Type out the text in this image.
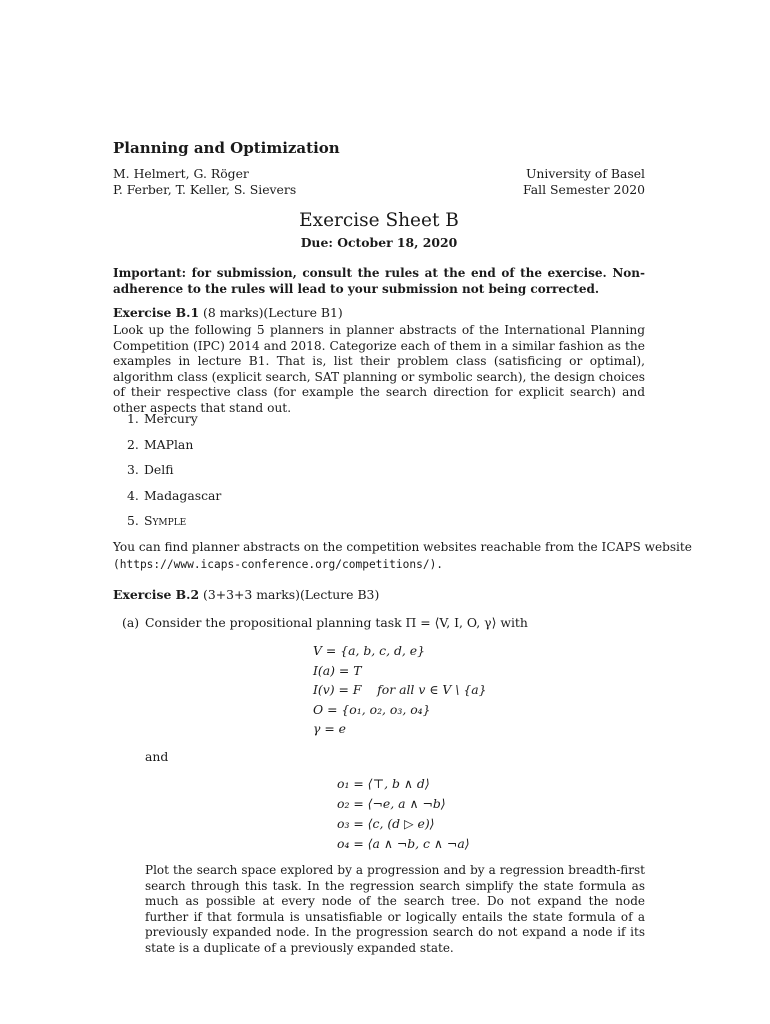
Planning and Optimization
M. Helmert, G. Röger
P. Ferber, T. Keller, S. Sievers
University of Basel
Fall Semester 2020
Exercise Sheet B
Due: October 18, 2020
Important: for submission, consult the rules at the end of the exercise. Non-
adherence to the rules will lead to your submission not being corrected.
Exercise B.1 (8 marks)(Lecture B1)
Look up the following 5 planners in planner abstracts of the International Planning Competition (IPC) 2014 and 2018. Categorize each of them in a similar fashion as the examples in lecture B1. That is, list their problem class (satisficing or optimal), algorithm class (explicit search, SAT planning or symbolic search), the design choices of their respective class (for example the search direction for explicit search) and other aspects that stand out.
1. Mercury
2. MAPlan
3. Delfi
4. Madagascar
5. Symple
You can find planner abstracts on the competition websites reachable from the ICAPS website
(https://www.icaps-conference.org/competitions/).
Exercise B.2 (3+3+3 marks)(Lecture B3)
(a) Consider the propositional planning task Π = ⟨V, I, O, γ⟩ with
V = {a, b, c, d, e}
I(a) = T
I(v) = F    for all v ∈ V \ {a}
O = {o₁, o₂, o₃, o₄}
γ = e
and
o₁ = ⟨⊤, b ∧ d⟩
o₂ = ⟨¬e, a ∧ ¬b⟩
o₃ = ⟨c, (d ▷ e)⟩
o₄ = ⟨a ∧ ¬b, c ∧ ¬a⟩
Plot the search space explored by a progression and by a regression breadth-first search through this task. In the regression search simplify the state formula as much as possible at every node of the search tree. Do not expand the node further if that formula is unsatisfiable or logically entails the state formula of a previously expanded node. In the progression search do not expand a node if its state is a duplicate of a previously expanded state.
